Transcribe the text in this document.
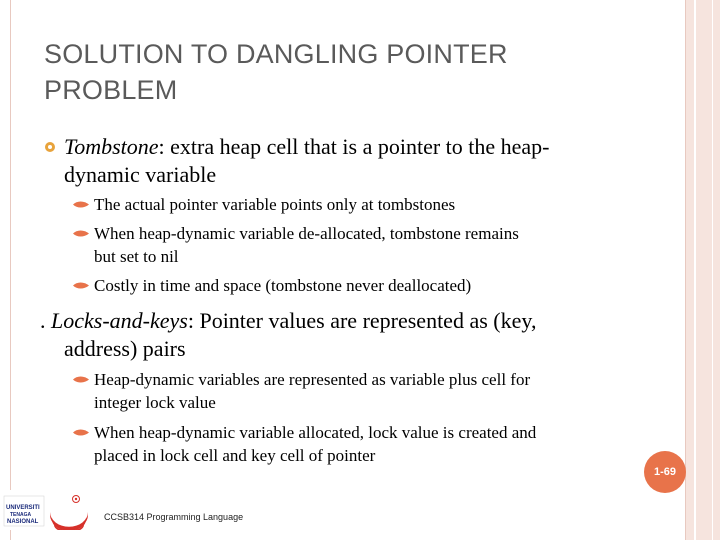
SOLUTION TO DANGLING POINTER
PROBLEM
Tombstone: extra heap cell that is a pointer to the heap-
dynamic variable
The actual pointer variable points only at tombstones
When heap-dynamic variable de-allocated, tombstone remains
but set to nil
Costly in time and space (tombstone never deallocated)
. Locks-and-keys: Pointer values are represented as (key,
address) pairs
Heap-dynamic variables are represented as variable plus cell for
integer lock value
When heap-dynamic variable allocated, lock value is created and
placed in lock cell and key cell of pointer
1-69
UNIVERSITI
TENAGA
NASIONAL	CCSB314 Programming Language
